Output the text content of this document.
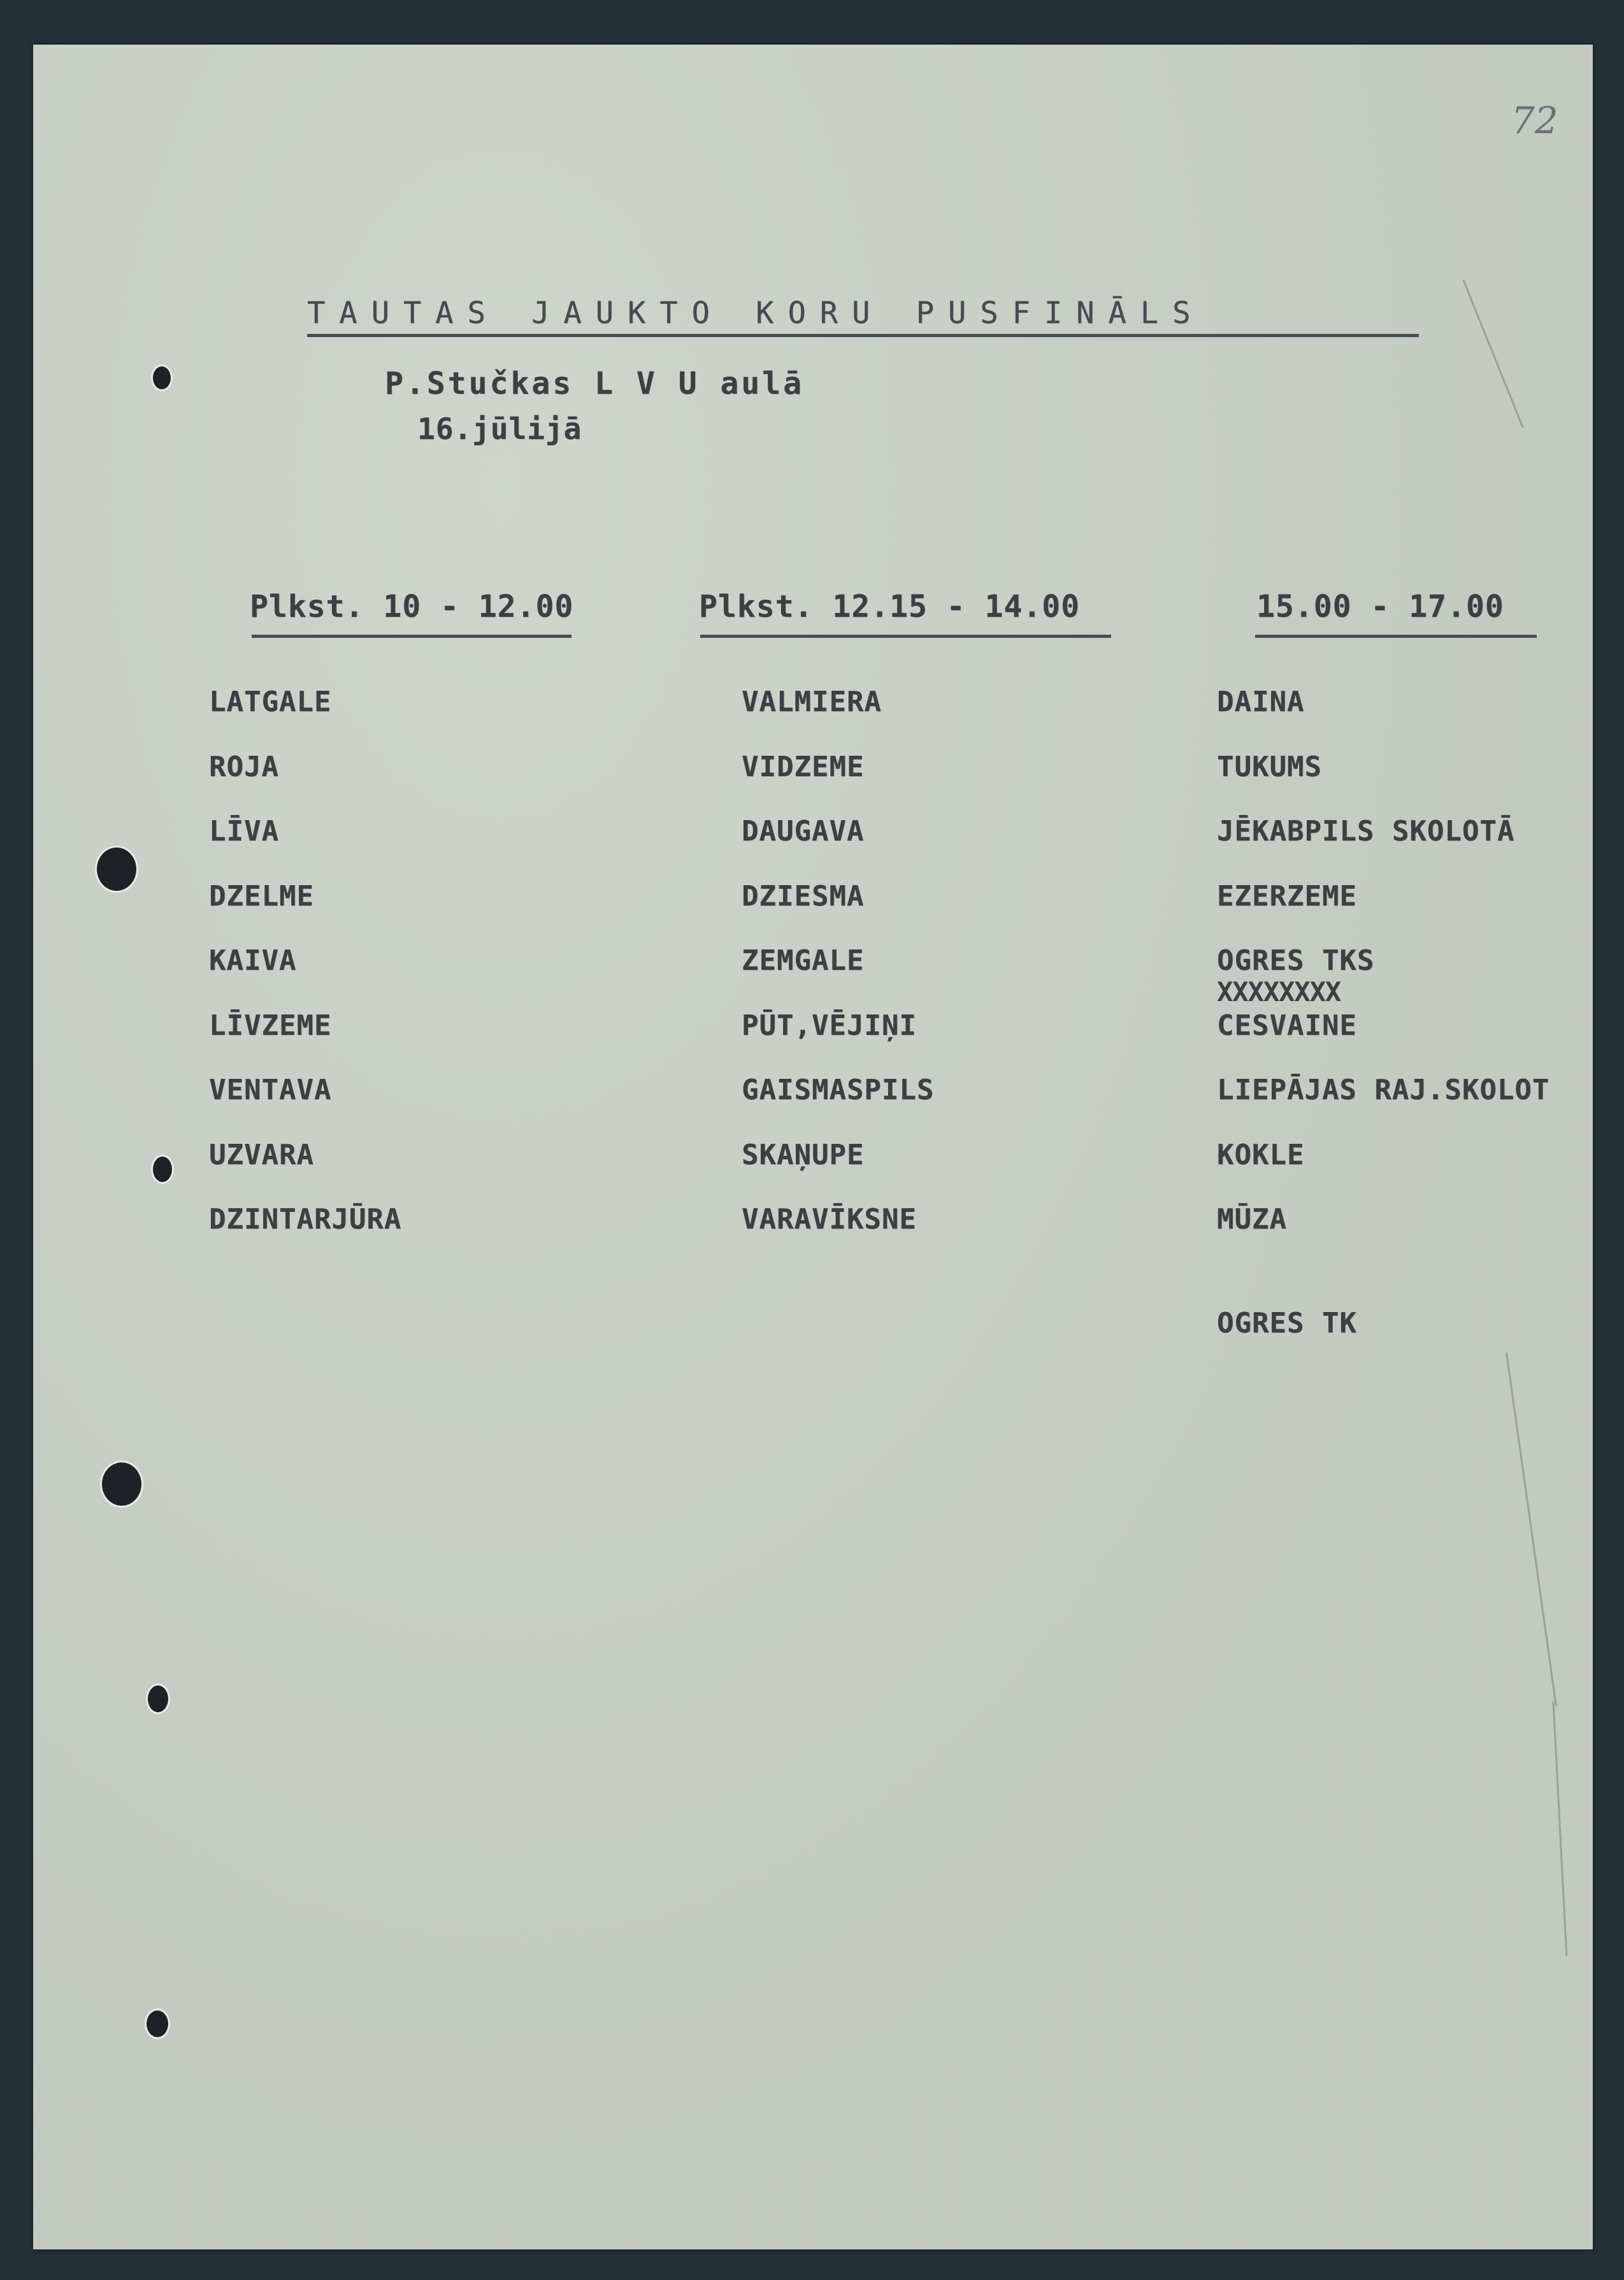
72

TAUTAS JAUKTO KORU PUSFINĀLS

P.Stučkas L V U aulā

16.jūlijā

Plkst. 10 - 12.00	Plkst. 12.15 - 14.00	15.00 - 17.00

LATGALE
ROJA
LĪVA
DZELME
KAIVA
LĪVZEME
VENTAVA
UZVARA
DZINTARJŪRA
VALMIERA
VIDZEME
DAUGAVA
DZIESMA
ZEMGALE
PŪT,VĒJIŅI
GAISMASPILS
SKAŅUPE
VARAVĪKSNE
DAINA
TUKUMS
JĒKABPILS SKOLOTĀ
EZERZEME
OGRES TKS
CESVAINE
LIEPĀJAS RAJ.SKOLOT
KOKLE
MŪZA

XXXXXXXX

OGRES TK
